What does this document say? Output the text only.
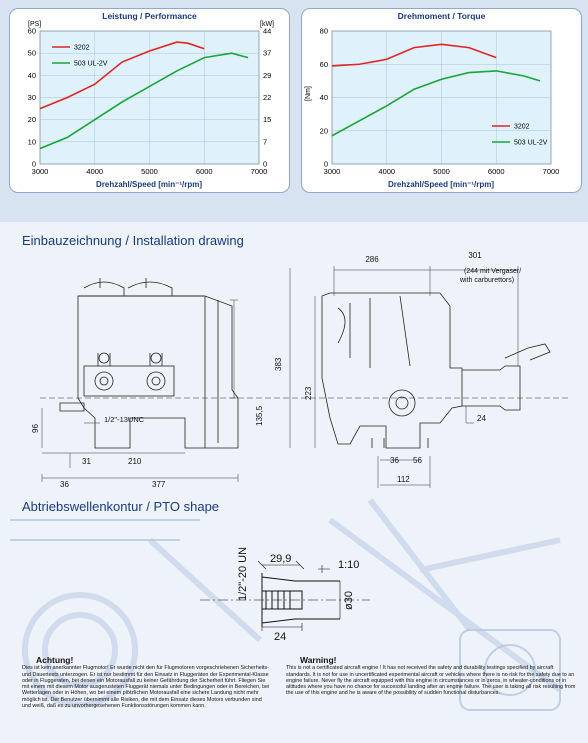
Leistung / Performance
[PS]	[kW]
Drehzahl/Speed [min⁻¹/rpm]
0
10
20
30
40
50
60
0
7
15
22
29
37
44
3000	4000	5000	6000	7000
3202
503 UL-2V
Drehmoment / Torque
[Nm]
Drehzahl/Speed [min⁻¹/rpm]
0
20
40
60
80
3000	4000	5000	6000	7000
3202
503 UL-2V
Einbauzeichnung / Installation drawing
286	301
(244 mit Vergaser/
with carburettors)
383
223
135,5
96
24
1/2"-13UNC
31	210
36	377
36 56
112
Abtriebswellenkontur / PTO shape
1/2"-20 UN 29,9	1:10
ø30
24
Achtung!
Dies ist kein anerkannter Flugmotor! Er wurde nicht den für Flugmotoren vorgeschriebenen Sicherheits- und Dauertests unterzogen. Er ist nur bestimmt für den Einsatz in Fluggeräten der Experimental-Klasse oder in Fluggeraten, bei denen ein Motorausfall zu keiner Gefährdung der Sicherheit führt. Fliegen Sie mit einem mit diesem Motor ausgerusteten Fluggerät niemals unter Bedingungen oder in Bereichen, bei Wetterlagen oder in Höhen, wo bei einem plötzlichen Motorausfall eine sichere Landung nicht mehr möglich ist. Der Benutzer übernimmt alle Risiken, die mit dem Einsatz dieses Motors verbunden sind und weiß, daß es zu unvorhergesehenen Funktionsstörungen kommen kann.
Warning!
This is not a certificated aircraft engine ! It has not received the safety and durability testings specified by aircraft standards. It is not for use in uncertificated experimental aircraft or vehicles where there is no risk for the safety due to an engine failure. Never fly the aircraft equipped with this engine in circumstances or in zeros, in wheater-conditions or in altitudes where you have no chance for successful landing after an engine failure. The user is taking all risk resulting from the use of this engine and he is aware of the possibility of sudden functional disturbances.
